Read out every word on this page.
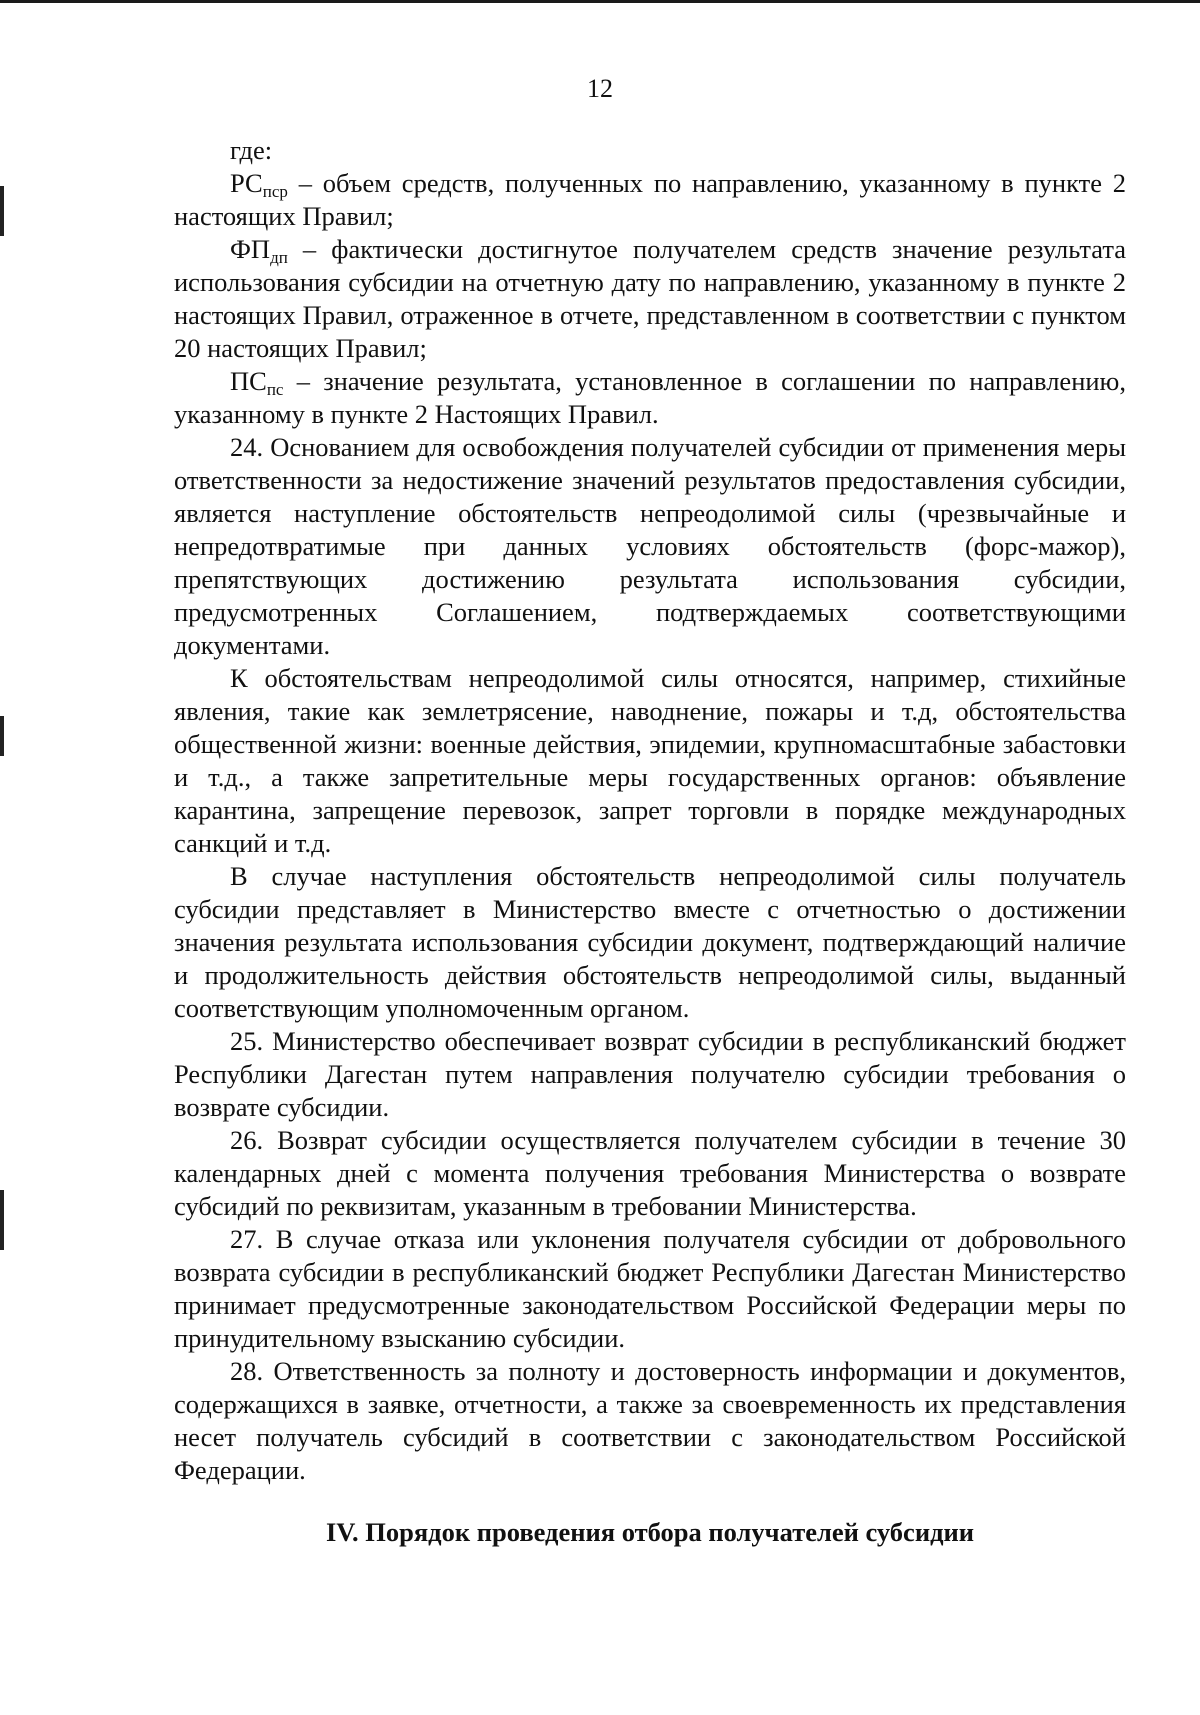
12

где:

$РС_{пср}$ – объем средств, полученных по направлению, указанному в пункте 2 настоящих Правил;

$ФП_{дп}$ – фактически достигнутое получателем средств значение результата использования субсидии на отчетную дату по направлению, указанному в пункте 2 настоящих Правил, отраженное в отчете, представленном в соответствии с пунктом 20 настоящих Правил;

$ПС_{пс}$ – значение результата, установленное в соглашении по направлению, указанному в пункте 2 Настоящих Правил.

24. Основанием для освобождения получателей субсидии от применения меры ответственности за недостижение значений результатов предоставления субсидии, является наступление обстоятельств непреодолимой силы (чрезвычайные и непредотвратимые при данных условиях обстоятельств (форс-мажор), препятствующих достижению результата использования субсидии, предусмотренных Соглашением, подтверждаемых соответствующими документами.

К обстоятельствам непреодолимой силы относятся, например, стихийные явления, такие как землетрясение, наводнение, пожары и т.д, обстоятельства общественной жизни: военные действия, эпидемии, крупномасштабные забастовки и т.д., а также запретительные меры государственных органов: объявление карантина, запрещение перевозок, запрет торговли в порядке международных санкций и т.д.

В случае наступления обстоятельств непреодолимой силы получатель субсидии представляет в Министерство вместе с отчетностью о достижении значения результата использования субсидии документ, подтверждающий наличие и продолжительность действия обстоятельств непреодолимой силы, выданный соответствующим уполномоченным органом.

25. Министерство обеспечивает возврат субсидии в республиканский бюджет Республики Дагестан путем направления получателю субсидии требования о возврате субсидии.

26. Возврат субсидии осуществляется получателем субсидии в течение 30 календарных дней с момента получения требования Министерства о возврате субсидий по реквизитам, указанным в требовании Министерства.

27. В случае отказа или уклонения получателя субсидии от добровольного возврата субсидии в республиканский бюджет Республики Дагестан Министерство принимает предусмотренные законодательством Российской Федерации меры по принудительному взысканию субсидии.

28. Ответственность за полноту и достоверность информации и документов, содержащихся в заявке, отчетности, а также за своевременность их представления несет получатель субсидий в соответствии с законодательством Российской Федерации.

IV. Порядок проведения отбора получателей субсидии
